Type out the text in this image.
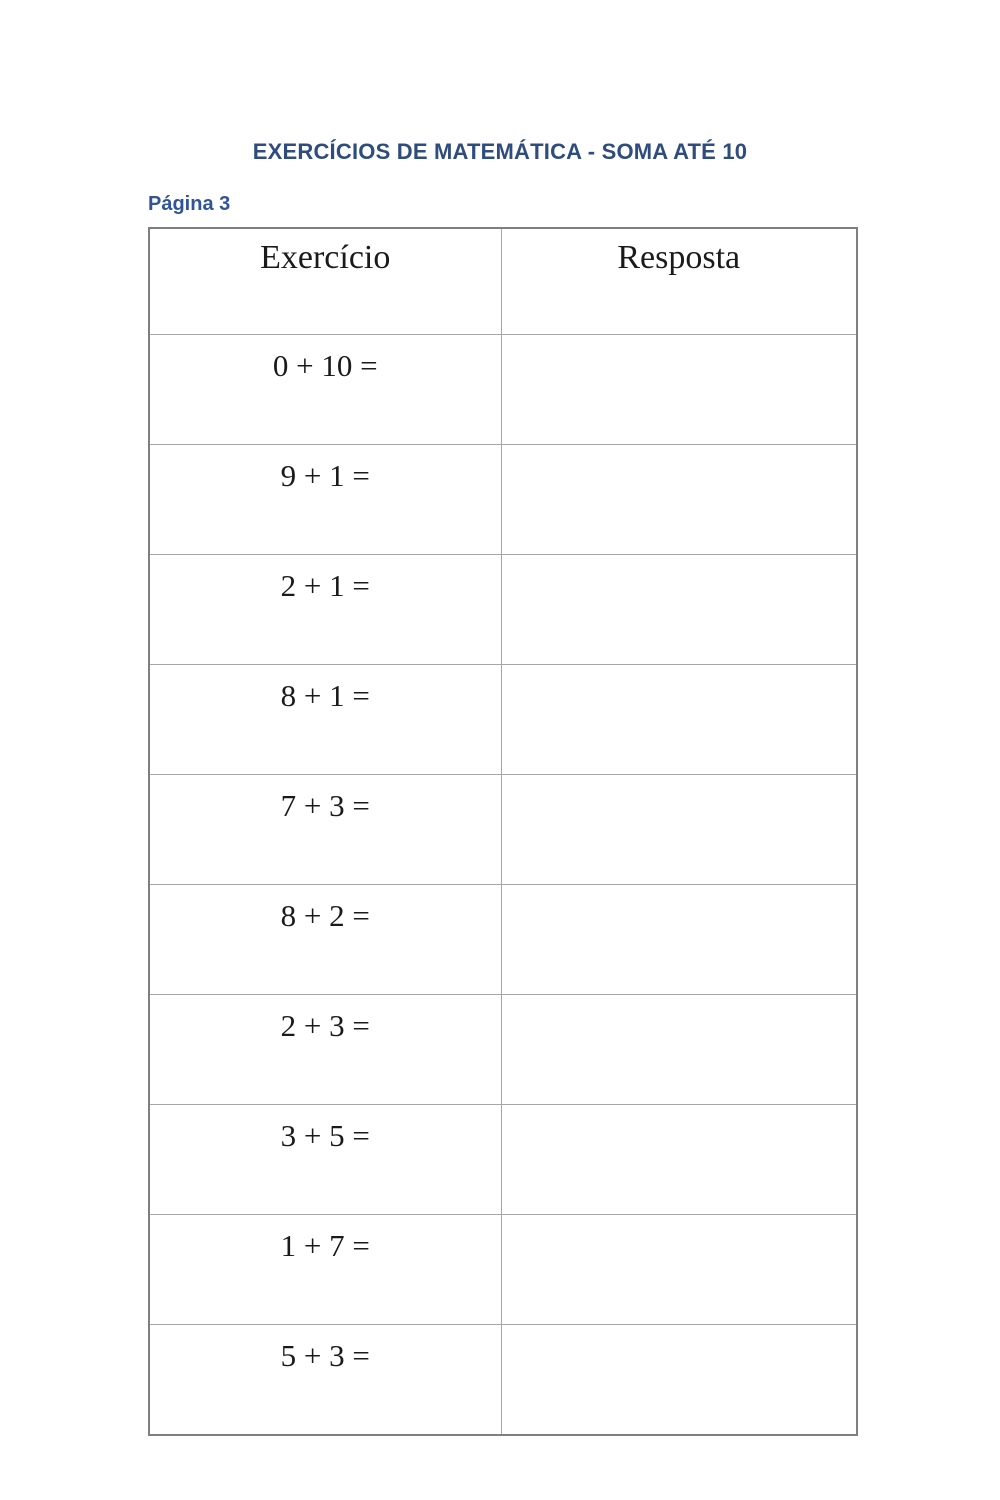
EXERCÍCIOS DE MATEMÁTICA - SOMA ATÉ 10
Página 3
Exercício	Resposta
0 + 10 =	
9 + 1 =	
2 + 1 =	
8 + 1 =	
7 + 3 =	
8 + 2 =	
2 + 3 =	
3 + 5 =	
1 + 7 =	
5 + 3 =	
